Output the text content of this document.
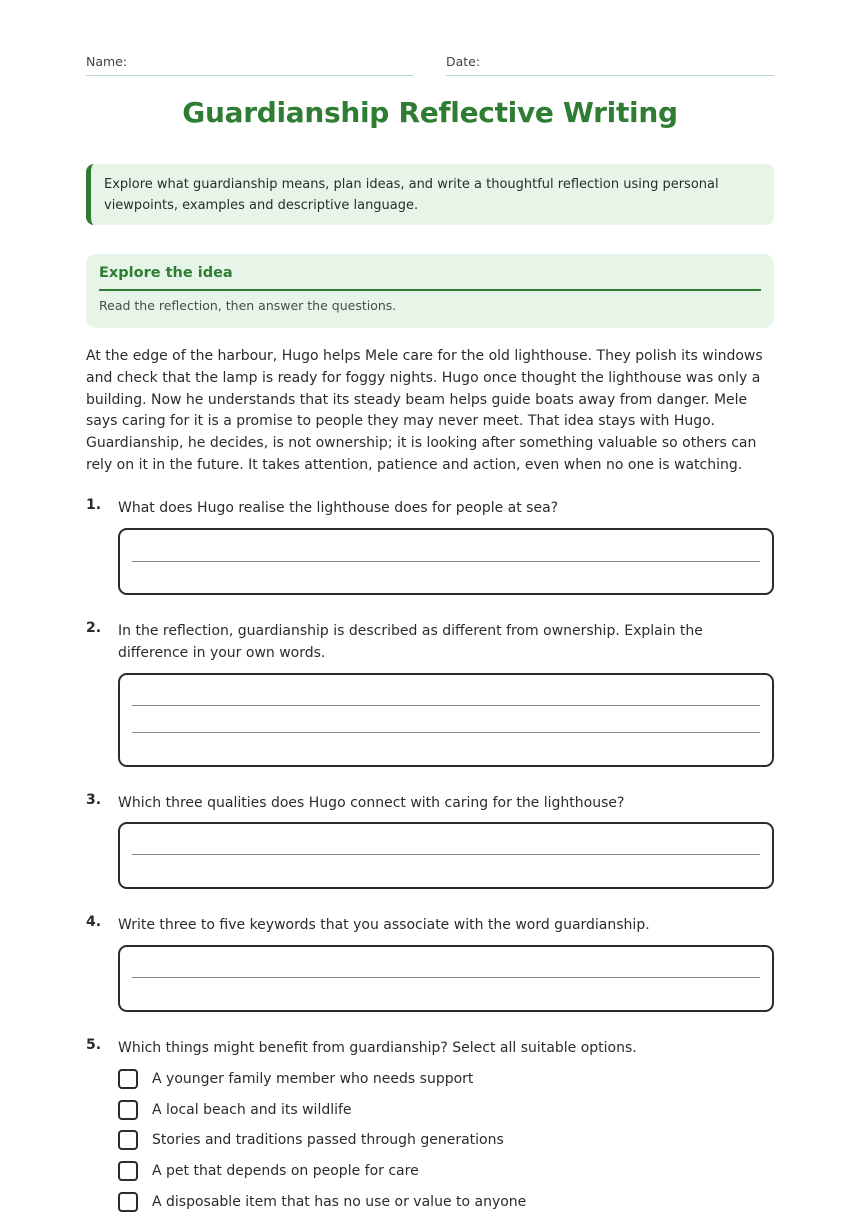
Name:	Date:
Guardianship Reflective Writing
Explore what guardianship means, plan ideas, and write a thoughtful reflection using personal viewpoints, examples and descriptive language.
Explore the idea
Read the reflection, then answer the questions.
At the edge of the harbour, Hugo helps Mele care for the old lighthouse. They polish its windows and check that the lamp is ready for foggy nights. Hugo once thought the lighthouse was only a building. Now he understands that its steady beam helps guide boats away from danger. Mele says caring for it is a promise to people they may never meet. That idea stays with Hugo. Guardianship, he decides, is not ownership; it is looking after something valuable so others can rely on it in the future. It takes attention, patience and action, even when no one is watching.
1. What does Hugo realise the lighthouse does for people at sea?
2. In the reflection, guardianship is described as different from ownership. Explain the difference in your own words.
3. Which three qualities does Hugo connect with caring for the lighthouse?
4. Write three to five keywords that you associate with the word guardianship.
5. Which things might benefit from guardianship? Select all suitable options.
A younger family member who needs support
A local beach and its wildlife
Stories and traditions passed through generations
A pet that depends on people for care
A disposable item that has no use or value to anyone
